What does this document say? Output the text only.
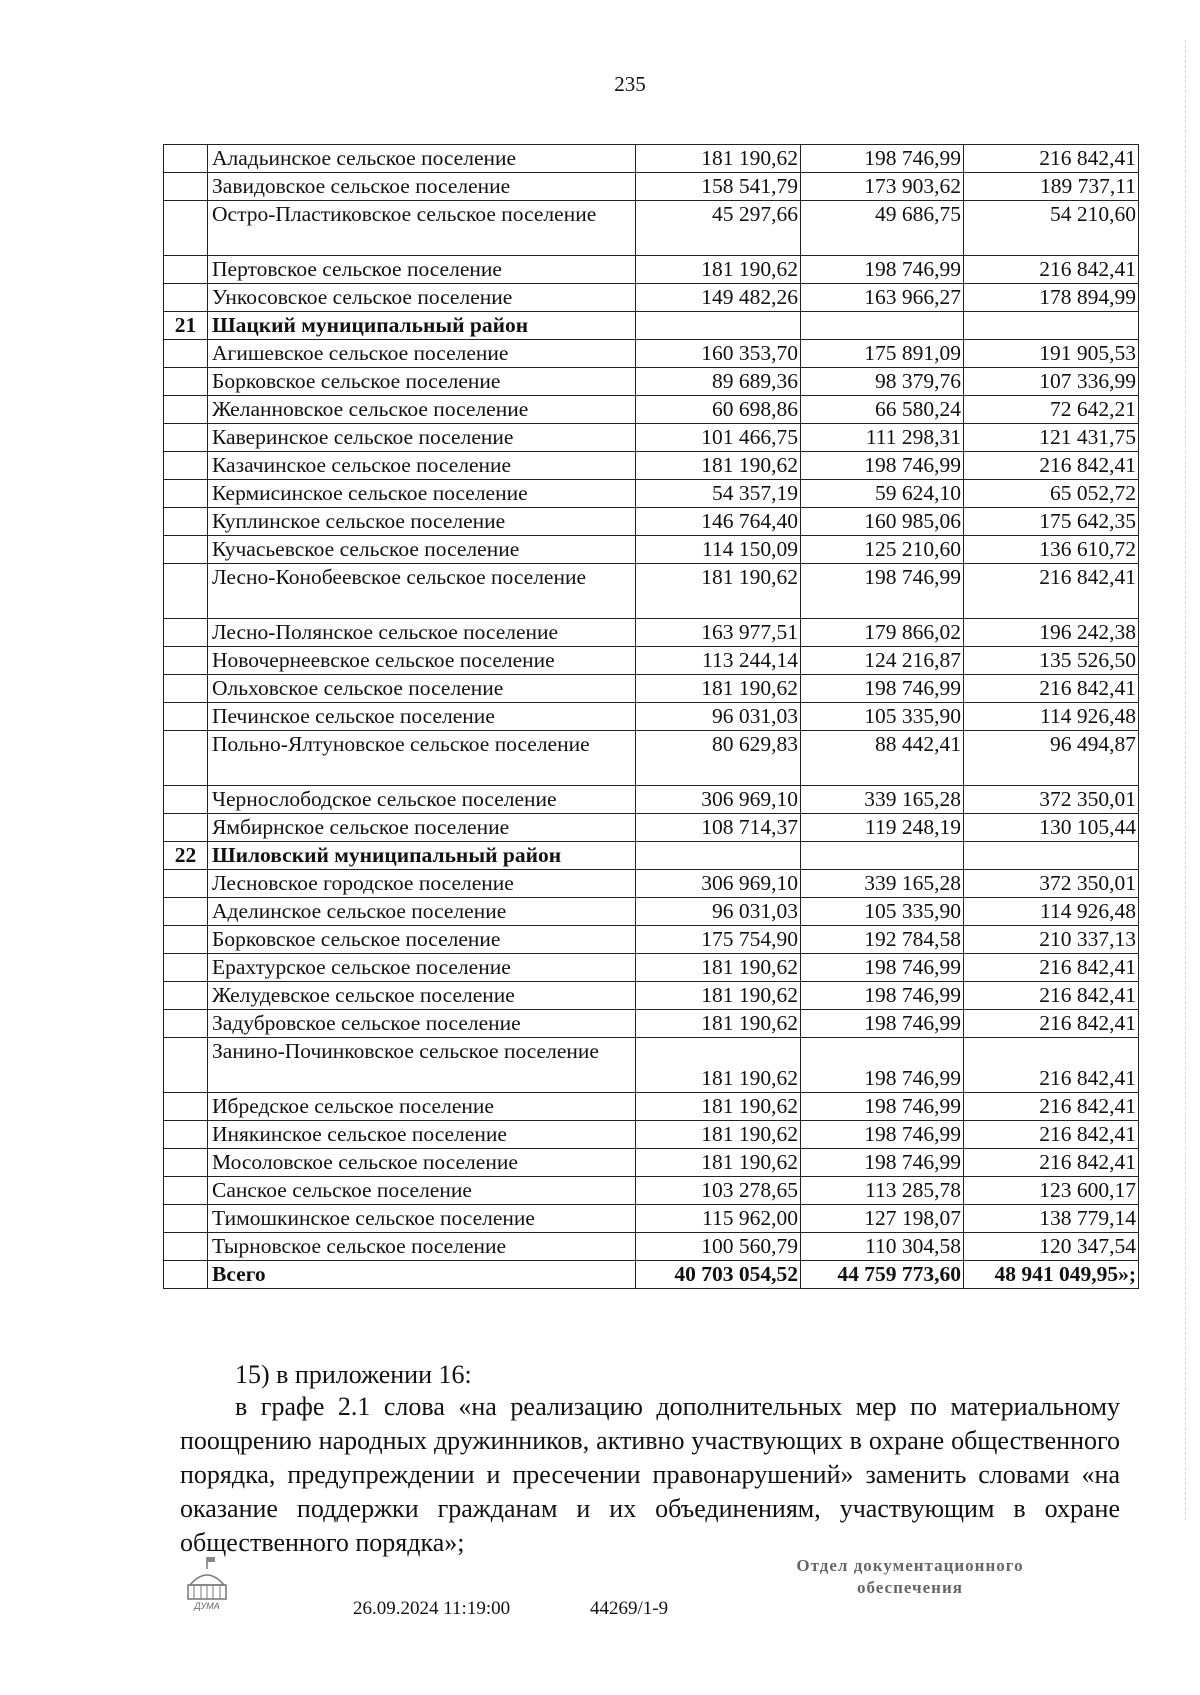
235
	Аладьинское сельское поселение	181 190,62	198 746,99	216 842,41
	Завидовское сельское поселение	158 541,79	173 903,62	189 737,11
	Остро-Пластиковское сельское поселение	45 297,66	49 686,75	54 210,60
	Пертовское сельское поселение	181 190,62	198 746,99	216 842,41
	Ункосовское сельское поселение	149 482,26	163 966,27	178 894,99
21	Шацкий муниципальный район			
	Агишевское сельское поселение	160 353,70	175 891,09	191 905,53
	Борковское сельское поселение	89 689,36	98 379,76	107 336,99
	Желанновское сельское поселение	60 698,86	66 580,24	72 642,21
	Каверинское сельское поселение	101 466,75	111 298,31	121 431,75
	Казачинское сельское поселение	181 190,62	198 746,99	216 842,41
	Кермисинское сельское поселение	54 357,19	59 624,10	65 052,72
	Куплинское сельское поселение	146 764,40	160 985,06	175 642,35
	Кучасьевское сельское поселение	114 150,09	125 210,60	136 610,72
	Лесно-Конобеевское сельское поселение	181 190,62	198 746,99	216 842,41
	Лесно-Полянское сельское поселение	163 977,51	179 866,02	196 242,38
	Новочернеевское сельское поселение	113 244,14	124 216,87	135 526,50
	Ольховское сельское поселение	181 190,62	198 746,99	216 842,41
	Печинское сельское поселение	96 031,03	105 335,90	114 926,48
	Польно-Ялтуновское сельское поселение	80 629,83	88 442,41	96 494,87
	Чернослободское сельское поселение	306 969,10	339 165,28	372 350,01
	Ямбирнское сельское поселение	108 714,37	119 248,19	130 105,44
22	Шиловский муниципальный район			
	Лесновское городское поселение	306 969,10	339 165,28	372 350,01
	Аделинское сельское поселение	96 031,03	105 335,90	114 926,48
	Борковское сельское поселение	175 754,90	192 784,58	210 337,13
	Ерахтурское сельское поселение	181 190,62	198 746,99	216 842,41
	Желудевское сельское поселение	181 190,62	198 746,99	216 842,41
	Задубровское сельское поселение	181 190,62	198 746,99	216 842,41
	Занино-Починковское сельское поселение	181 190,62	198 746,99	216 842,41
	Ибредское сельское поселение	181 190,62	198 746,99	216 842,41
	Инякинское сельское поселение	181 190,62	198 746,99	216 842,41
	Мосоловское сельское поселение	181 190,62	198 746,99	216 842,41
	Санское сельское поселение	103 278,65	113 285,78	123 600,17
	Тимошкинское сельское поселение	115 962,00	127 198,07	138 779,14
	Тырновское сельское поселение	100 560,79	110 304,58	120 347,54
	Всего	40 703 054,52	44 759 773,60	48 941 049,95»;
15) в приложении 16:
в графе 2.1 слова «на реализацию дополнительных мер по материальному поощрению народных дружинников, активно участвующих в охране общественного порядка, предупреждении и пресечении правонарушений» заменить словами «на оказание поддержки гражданам и их объединениям, участвующим в охране общественного порядка»;
ДУМА	26.09.2024 11:19:00	44269/1-9
Отдел документационного
обеспечения
